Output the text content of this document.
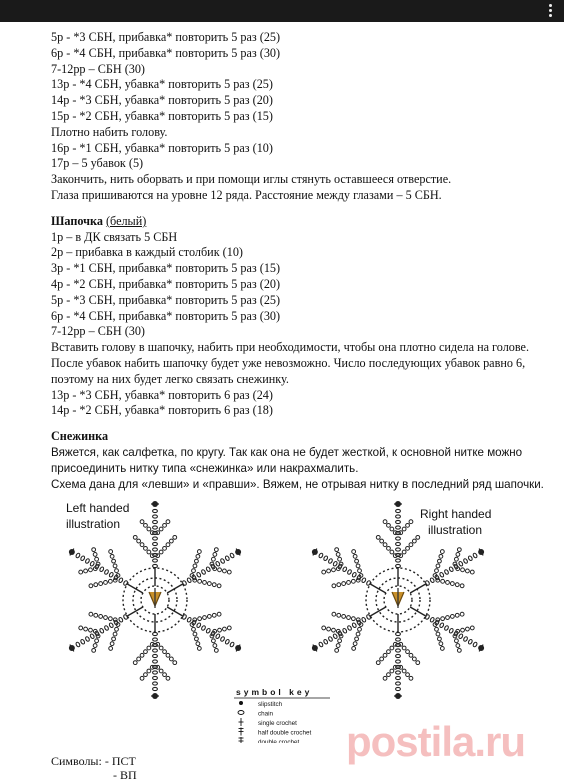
5р - *3 СБН, прибавка* повторить 5 раз (25)
6р - *4 СБН, прибавка* повторить 5 раз (30)
7-12рр – СБН (30)
13р - *4 СБН, убавка* повторить 5 раз (25)
14р - *3 СБН, убавка* повторить 5 раз (20)
15р - *2 СБН, убавка* повторить 5 раз (15)
Плотно набить голову.
16р - *1 СБН, убавка* повторить 5 раз (10)
17р – 5 убавок (5)
Закончить, нить оборвать и при помощи иглы стянуть оставшееся отверстие.
Глаза пришиваются на уровне 12 ряда. Расстояние между глазами – 5 СБН.
Шапочка (белый)
1р – в ДК связать 5 СБН
2р – прибавка в каждый столбик (10)
3р - *1 СБН, прибавка* повторить 5 раз (15)
4р - *2 СБН, прибавка* повторить 5 раз (20)
5р - *3 СБН, прибавка* повторить 5 раз (25)
6р - *4 СБН, прибавка* повторить 5 раз (30)
7-12рр – СБН (30)
Вставить голову в шапочку, набить при необходимости, чтобы она плотно сидела на голове. После убавок набить шапочку будет уже невозможно. Число последующих убавок равно 6, поэтому на них будет легко связать снежинку.
13р - *3 СБН, убавка* повторить 6 раз (24)
14р - *2 СБН, убавка* повторить 6 раз (18)
Снежинка
Вяжется, как салфетка, по кругу. Так как она не будет жесткой, к основной нитке можно присоединить нитку типа «снежинка» или накрахмалить.
Схема дана для «левши» и «правши». Вяжем, не отрывая нитку в последний ряд шапочки.
symbol key
slipstitch
chain
single crochet
half double crochet
double crochet
Left handed
illustration
Right handed
illustration
Символы: - ПСТ
- ВП
postila.ru
